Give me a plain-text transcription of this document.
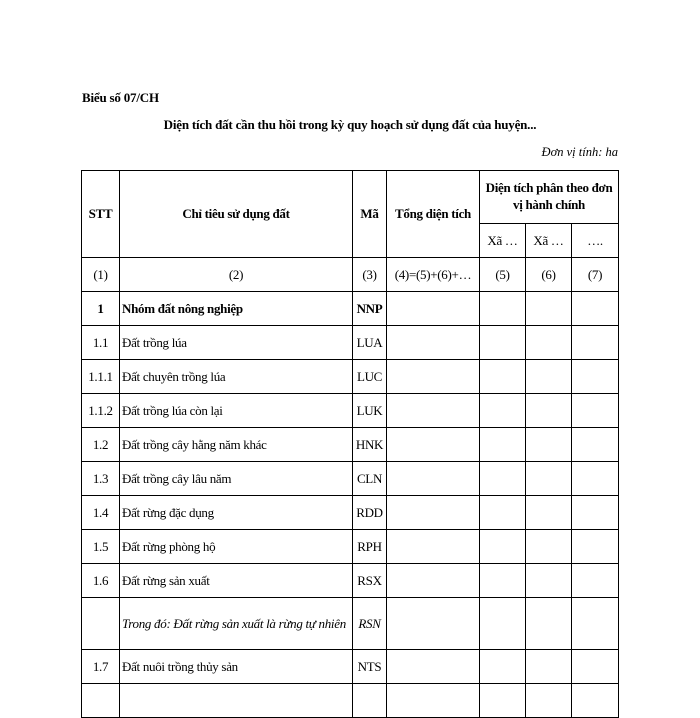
Biểu số 07/CH
Diện tích đất cần thu hồi trong kỳ quy hoạch sử dụng đất của huyện...
Đơn vị tính: ha
STT	Chỉ tiêu sử dụng đất	Mã	Tổng diện tích	Diện tích phân theo đơn vị hành chính		
				Xã …	Xã …	….
(1)	(2)	(3)	(4)=(5)+(6)+…	(5)	(6)	(7)
1	Nhóm đất nông nghiệp	NNP				
1.1	Đất trồng lúa	LUA				
1.1.1	Đất chuyên trồng lúa	LUC				
1.1.2	Đất trồng lúa còn lại	LUK				
1.2	Đất trồng cây hằng năm khác	HNK				
1.3	Đất trồng cây lâu năm	CLN				
1.4	Đất rừng đặc dụng	RDD				
1.5	Đất rừng phòng hộ	RPH				
1.6	Đất rừng sản xuất	RSX				
	Trong đó: Đất rừng sản xuất là rừng tự nhiên	RSN				
1.7	Đất nuôi trồng thủy sản	NTS				
